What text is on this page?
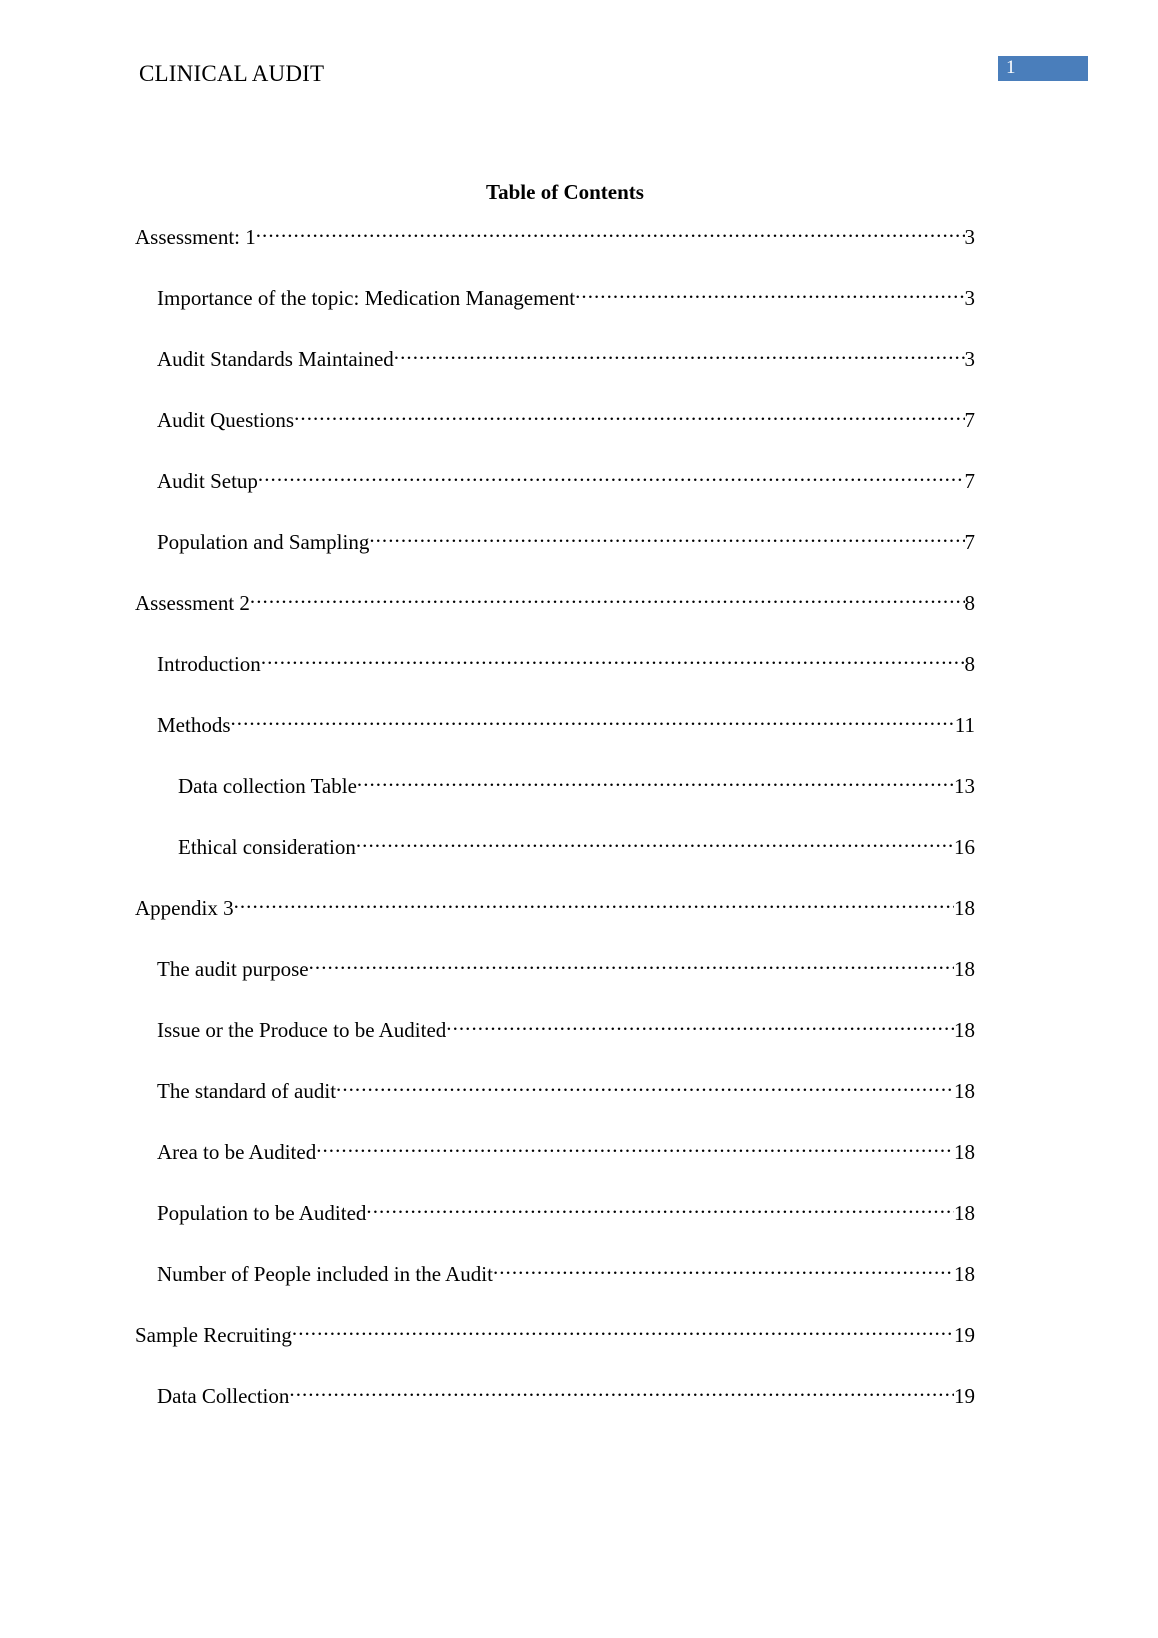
CLINICAL AUDIT	1
Table of Contents
Assessment: 1 .....	3
Importance of the topic: Medication Management .....	3
Audit Standards Maintained .....	3
Audit Questions .....	7
Audit Setup .....	7
Population and Sampling .....	7
Assessment 2 .....	8
Introduction .....	8
Methods .....	11
Data collection Table .....	13
Ethical consideration .....	16
Appendix 3 .....	18
The audit purpose .....	18
Issue or the Produce to be Audited .....	18
The standard of audit .....	18
Area to be Audited .....	18
Population to be Audited .....	18
Number of People included in the Audit .....	18
Sample Recruiting .....	19
Data Collection .....	19
